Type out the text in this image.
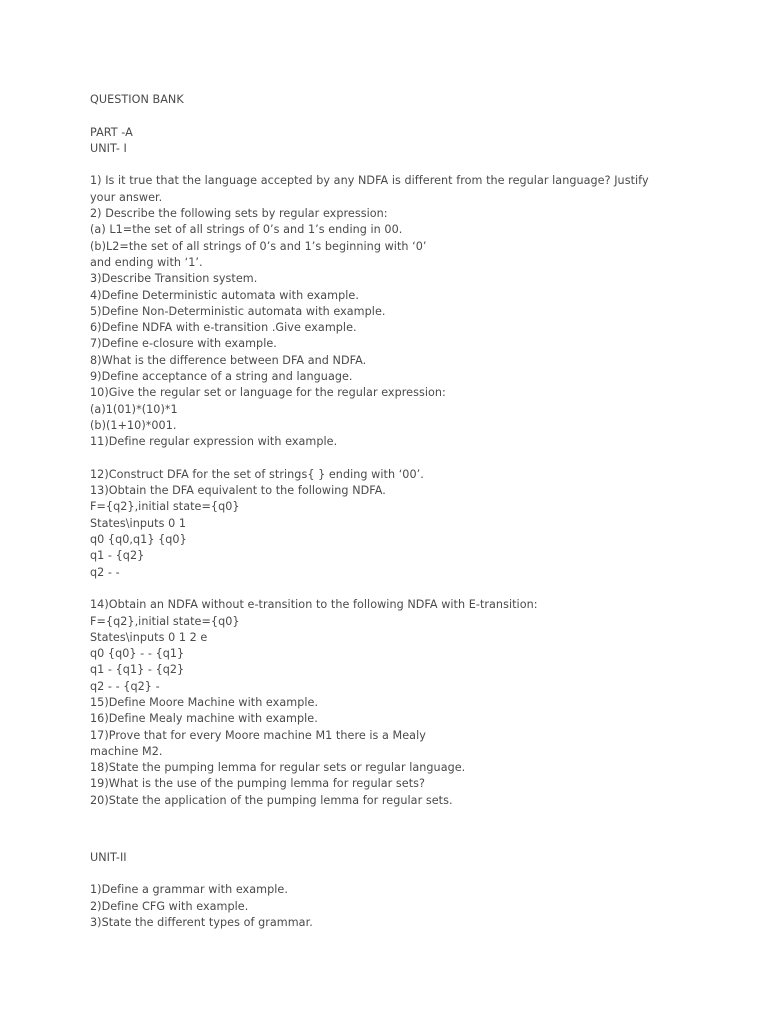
QUESTION BANK
PART -A
UNIT- I
1) Is it true that the language accepted by any NDFA is different from the regular language? Justify
your answer.
2) Describe the following sets by regular expression:
(a) L1=the set of all strings of 0’s and 1’s ending in 00.
(b)L2=the set of all strings of 0’s and 1’s beginning with ‘0’
and ending with ‘1’.
3)Describe Transition system.
4)Define Deterministic automata with example.
5)Define Non-Deterministic automata with example.
6)Define NDFA with e-transition .Give example.
7)Define e-closure with example.
8)What is the difference between DFA and NDFA.
9)Define acceptance of a string and language.
10)Give the regular set or language for the regular expression:
(a)1(01)*(10)*1
(b)(1+10)*001.
11)Define regular expression with example.
12)Construct DFA for the set of strings{ } ending with ‘00’.
13)Obtain the DFA equivalent to the following NDFA.
F={q2},initial state={q0}
States\inputs 0 1
q0 {q0,q1} {q0}
q1 - {q2}
q2 - -
14)Obtain an NDFA without e-transition to the following NDFA with E-transition:
F={q2},initial state={q0}
States\inputs 0 1 2 e
q0 {q0} - - {q1}
q1 - {q1} - {q2}
q2 - - {q2} -
15)Define Moore Machine with example.
16)Define Mealy machine with example.
17)Prove that for every Moore machine M1 there is a Mealy
machine M2.
18)State the pumping lemma for regular sets or regular language.
19)What is the use of the pumping lemma for regular sets?
20)State the application of the pumping lemma for regular sets.
UNIT-II
1)Define a grammar with example.
2)Define CFG with example.
3)State the different types of grammar.
